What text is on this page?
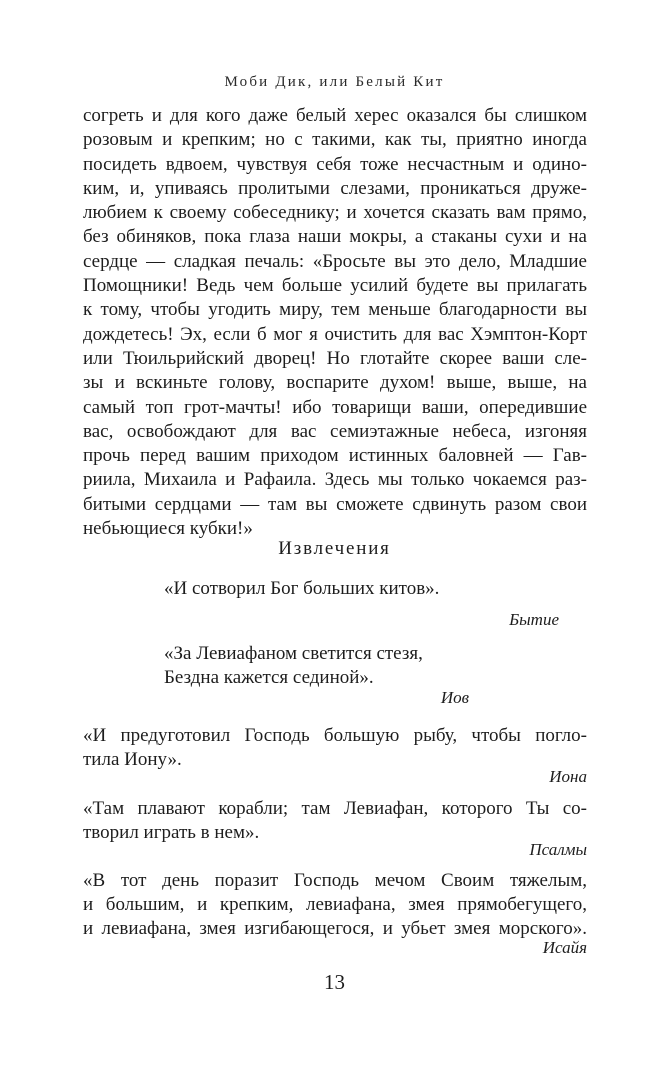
Моби Дик, или Белый Кит
согреть и для кого даже белый херес оказался бы слишком
розовым и крепким; но с такими, как ты, приятно иногда
посидеть вдвоем, чувствуя себя тоже несчастным и одино-
ким, и, упиваясь пролитыми слезами, проникаться друже-
любием к своему собеседнику; и хочется сказать вам прямо,
без обиняков, пока глаза наши мокры, а стаканы сухи и на
сердце — сладкая печаль: «Бросьте вы это дело, Младшие
Помощники! Ведь чем больше усилий будете вы прилагать
к тому, чтобы угодить миру, тем меньше благодарности вы
дождетесь! Эх, если б мог я очистить для вас Хэмптон-Корт
или Тюильрийский дворец! Но глотайте скорее ваши сле-
зы и вскиньте голову, воспарите духом! выше, выше, на
самый топ грот-мачты! ибо товарищи ваши, опередившие
вас, освобождают для вас семиэтажные небеса, изгоняя
прочь перед вашим приходом истинных баловней — Гав-
риила, Михаила и Рафаила. Здесь мы только чокаемся раз-
битыми сердцами — там вы сможете сдвинуть разом свои
небьющиеся кубки!»
Извлечения
«И сотворил Бог больших китов».
Бытие
«За Левиафаном светится стезя,
Бездна кажется сединой».
Иов
«И предуготовил Господь большую рыбу, чтобы погло-
тила Иону».
Иона
«Там плавают корабли; там Левиафан, которого Ты со-
творил играть в нем».
Псалмы
«В тот день поразит Господь мечом Своим тяжелым,
и большим, и крепким, левиафана, змея прямобегущего,
и левиафана, змея изгибающегося, и убьет змея морского».
Исайя
13
